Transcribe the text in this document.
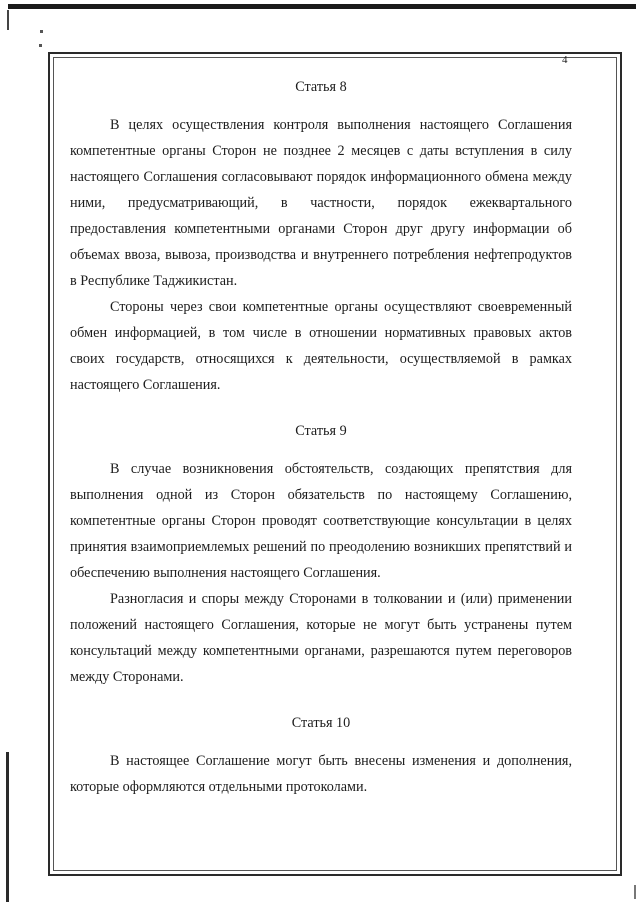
4
Статья 8

В целях осуществления контроля выполнения настоящего Соглашения компетентные органы Сторон не позднее 2 месяцев с даты вступления в силу настоящего Соглашения согласовывают порядок информационного обмена между ними, предусматривающий, в частности, порядок ежеквартального предоставления компетентными органами Сторон друг другу информации об объемах ввоза, вывоза, производства и внутреннего потребления нефтепродуктов в Республике Таджикистан.

Стороны через свои компетентные органы осуществляют своевременный обмен информацией, в том числе в отношении нормативных правовых актов своих государств, относящихся к деятельности, осуществляемой в рамках настоящего Соглашения.

Статья 9

В случае возникновения обстоятельств, создающих препятствия для выполнения одной из Сторон обязательств по настоящему Соглашению, компетентные органы Сторон проводят соответствующие консультации в целях принятия взаимоприемлемых решений по преодолению возникших препятствий и обеспечению выполнения настоящего Соглашения.

Разногласия и споры между Сторонами в толковании и (или) применении положений настоящего Соглашения, которые не могут быть устранены путем консультаций между компетентными органами, разрешаются путем переговоров между Сторонами.

Статья 10

В настоящее Соглашение могут быть внесены изменения и дополнения, которые оформляются отдельными протоколами.
